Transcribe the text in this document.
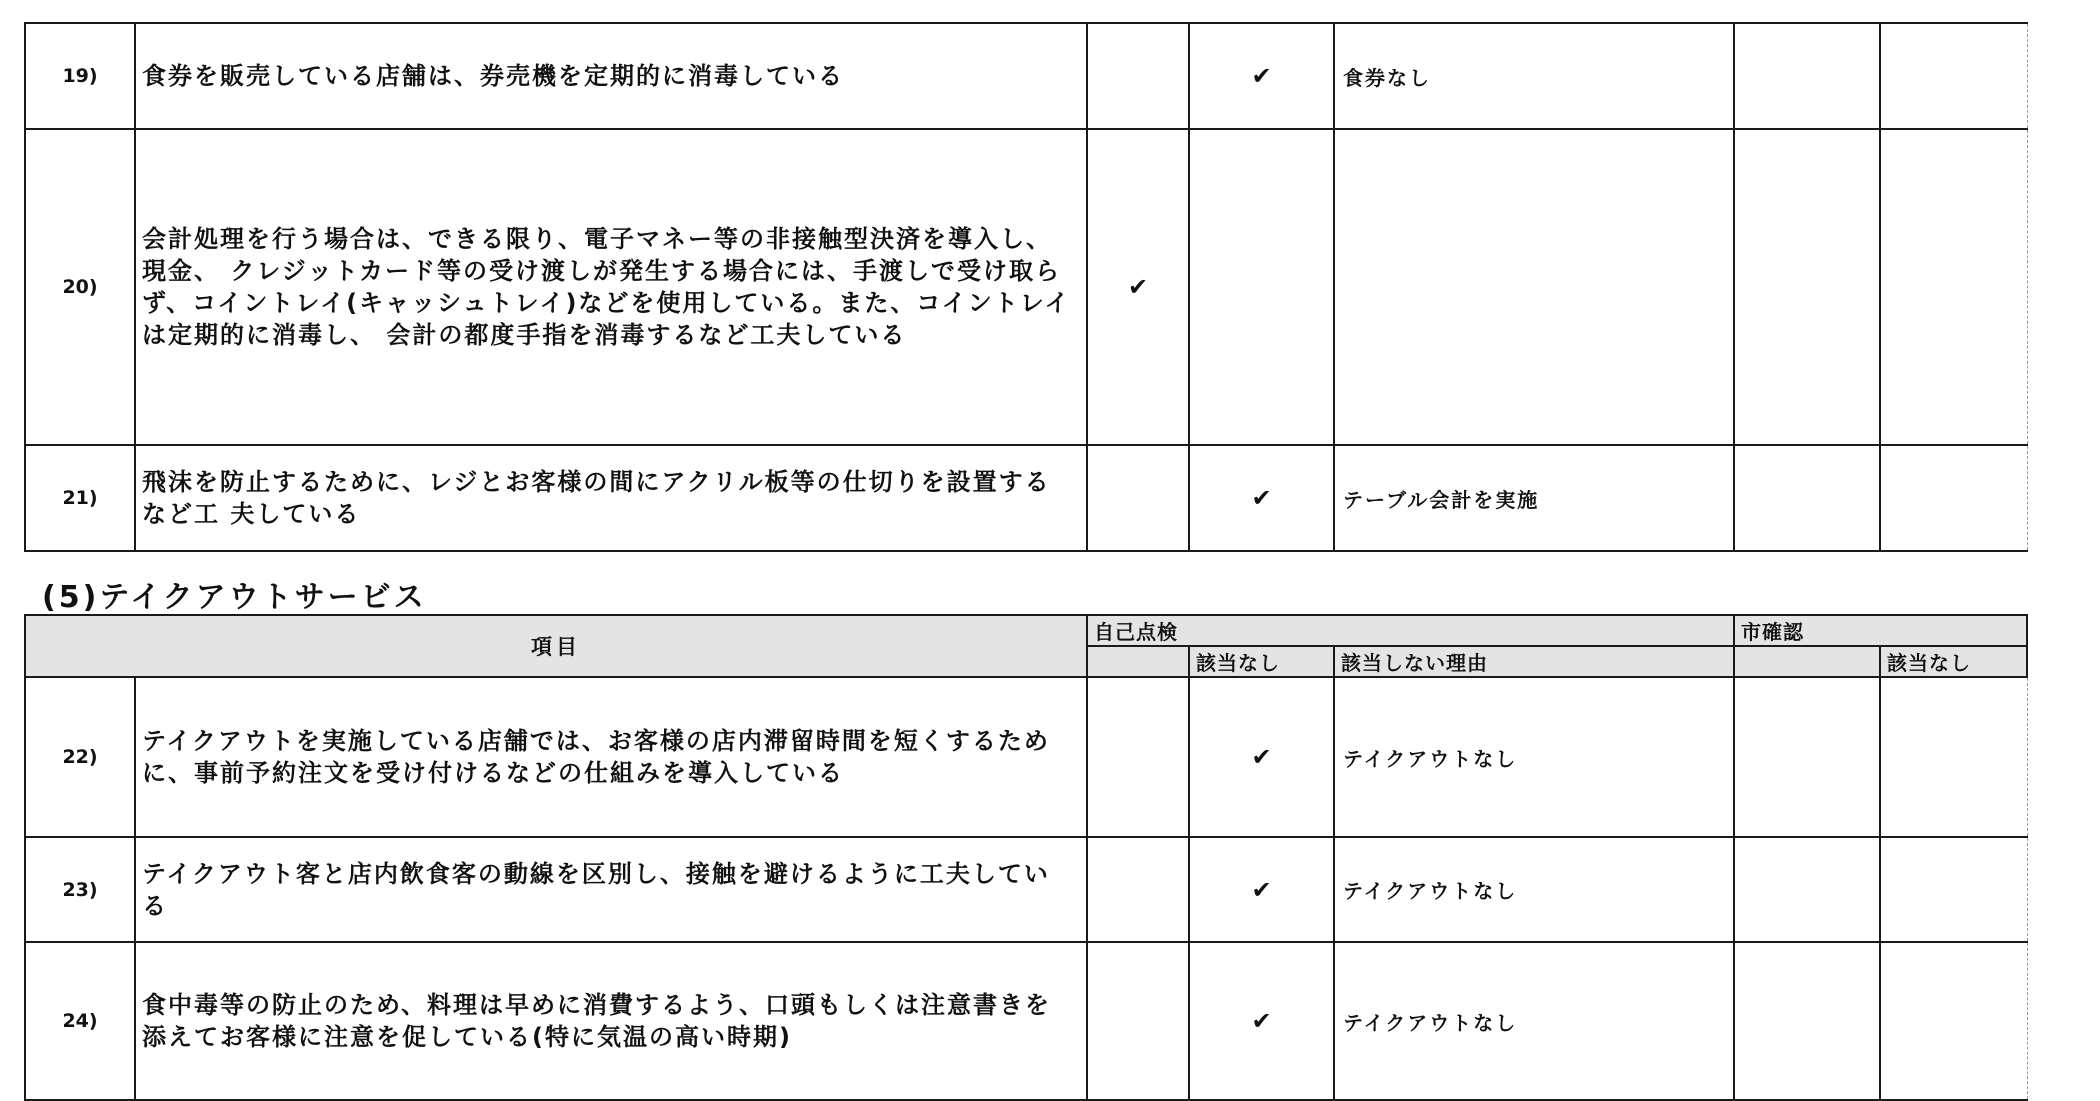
19)	食券を販売している店舗は、券売機を定期的に消毒している		✔	食券なし		
20)	会計処理を行う場合は、できる限り、電子マネー等の非接触型決済を導入し、現金、 クレジットカード等の受け渡しが発生する場合には、手渡しで受け取らず、コイントレイ(キャッシュトレイ)などを使用している。また、コイントレイは定期的に消毒し、 会計の都度手指を消毒するなど工夫している	✔				
21)	飛沫を防止するために、レジとお客様の間にアクリル板等の仕切りを設置するなど工 夫している		✔	テーブル会計を実施		
(5)テイクアウトサービス
項目		自己点検			市確認	
			該当なし	該当しない理由		該当なし
22)	テイクアウトを実施している店舗では、お客様の店内滞留時間を短くするために、事前予約注文を受け付けるなどの仕組みを導入している		✔	テイクアウトなし		
23)	テイクアウト客と店内飲食客の動線を区別し、接触を避けるように工夫している		✔	テイクアウトなし		
24)	食中毒等の防止のため、料理は早めに消費するよう、口頭もしくは注意書きを添えてお客様に注意を促している(特に気温の高い時期)		✔	テイクアウトなし		
